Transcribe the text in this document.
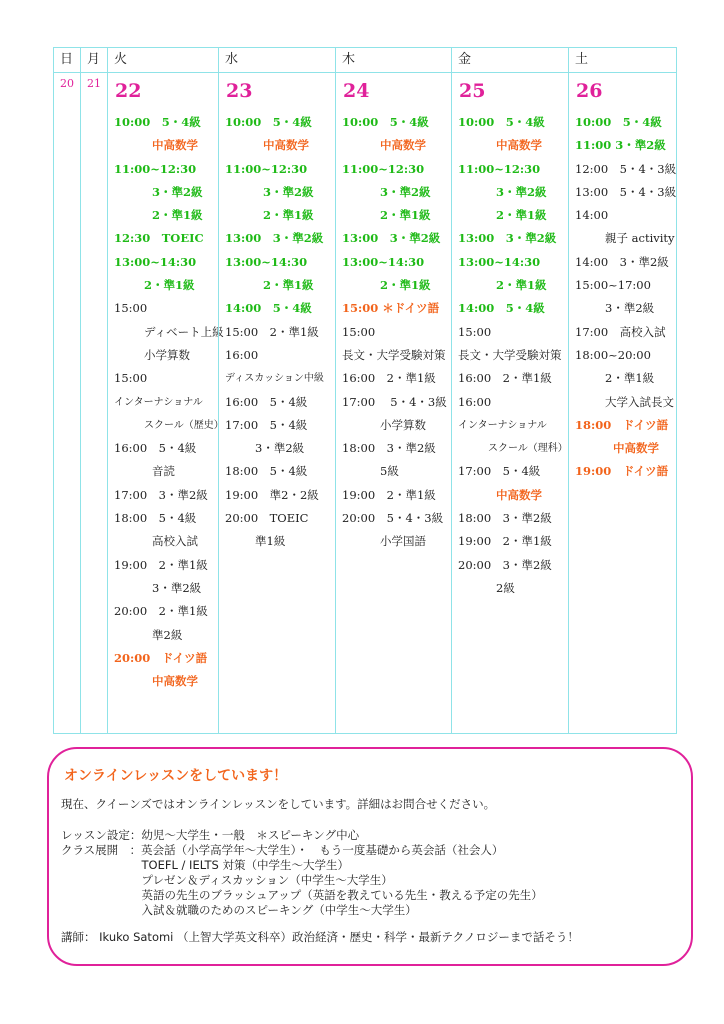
日
20
月
21
火
22
10:00　5・4級
中高数学
11:00~12:30
3・準2級
2・準1級
12:30　TOEIC
13:00~14:30
2・準1級
15:00
ディベート上級
小学算数
15:00
インターナショナル
スクール（歴史）
16:00　5・4級
音読
17:00　3・準2級
18:00　5・4級
高校入試
19:00　2・準1級
3・準2級
20:00　2・準1級
準2級
20:00　ドイツ語
中高数学
水
23
10:00　5・4級
中高数学
11:00~12:30
3・準2級
2・準1級
13:00　3・準2級
13:00~14:30
2・準1級
14:00　5・4級
15:00　2・準1級
16:00
ディスカッション中級
16:00　5・4級
17:00　5・4級
3・準2級
18:00　5・4級
19:00　準2・2級
20:00　TOEIC
準1級
木
24
10:00　5・4級
中高数学
11:00~12:30
3・準2級
2・準1級
13:00　3・準2級
13:00~14:30
2・準1級
15:00 ＊ドイツ語
15:00
長文・大学受験対策
16:00　2・準1級
17:00　 5・4・3級
小学算数
18:00　3・準2級
5級
19:00　2・準1級
20:00　5・4・3級
小学国語
金
25
10:00　5・4級
中高数学
11:00~12:30
3・準2級
2・準1級
13:00　3・準2級
13:00~14:30
2・準1級
14:00　5・4級
15:00
長文・大学受験対策
16:00　2・準1級
16:00
インターナショナル
スクール（理科）
17:00　5・4級
中高数学
18:00　3・準2級
19:00　2・準1級
20:00　3・準2級
2級
土
26
10:00　5・4級
11:00 3・準2級
12:00　5・4・3級
13:00　5・4・3級
14:00
親子 activity
14:00　3・準2級
15:00~17:00
3・準2級
17:00　高校入試
18:00~20:00
2・準1級
大学入試長文
18:00　ドイツ語
中高数学
19:00　ドイツ語
オンラインレッスンをしています！
現在、クイーンズではオンラインレッスンをしています。詳細はお問合せください。
レッスン設定：幼児～大学生・一般　＊スピーキング中心
クラス展開　：英会話（小学高学年～大学生）・　もう一度基礎から英会話（社会人）
　　　　　　　TOEFL / IELTS 対策（中学生～大学生）
　　　　　　　プレゼン＆ディスカッション（中学生～大学生）
　　　　　　　英語の先生のブラッシュアップ（英語を教えている先生・教える予定の先生）
　　　　　　　入試＆就職のためのスピーキング（中学生～大学生）
講師： Ikuko Satomi （上智大学英文科卒）政治経済・歴史・科学・最新テクノロジーまで話そう！
